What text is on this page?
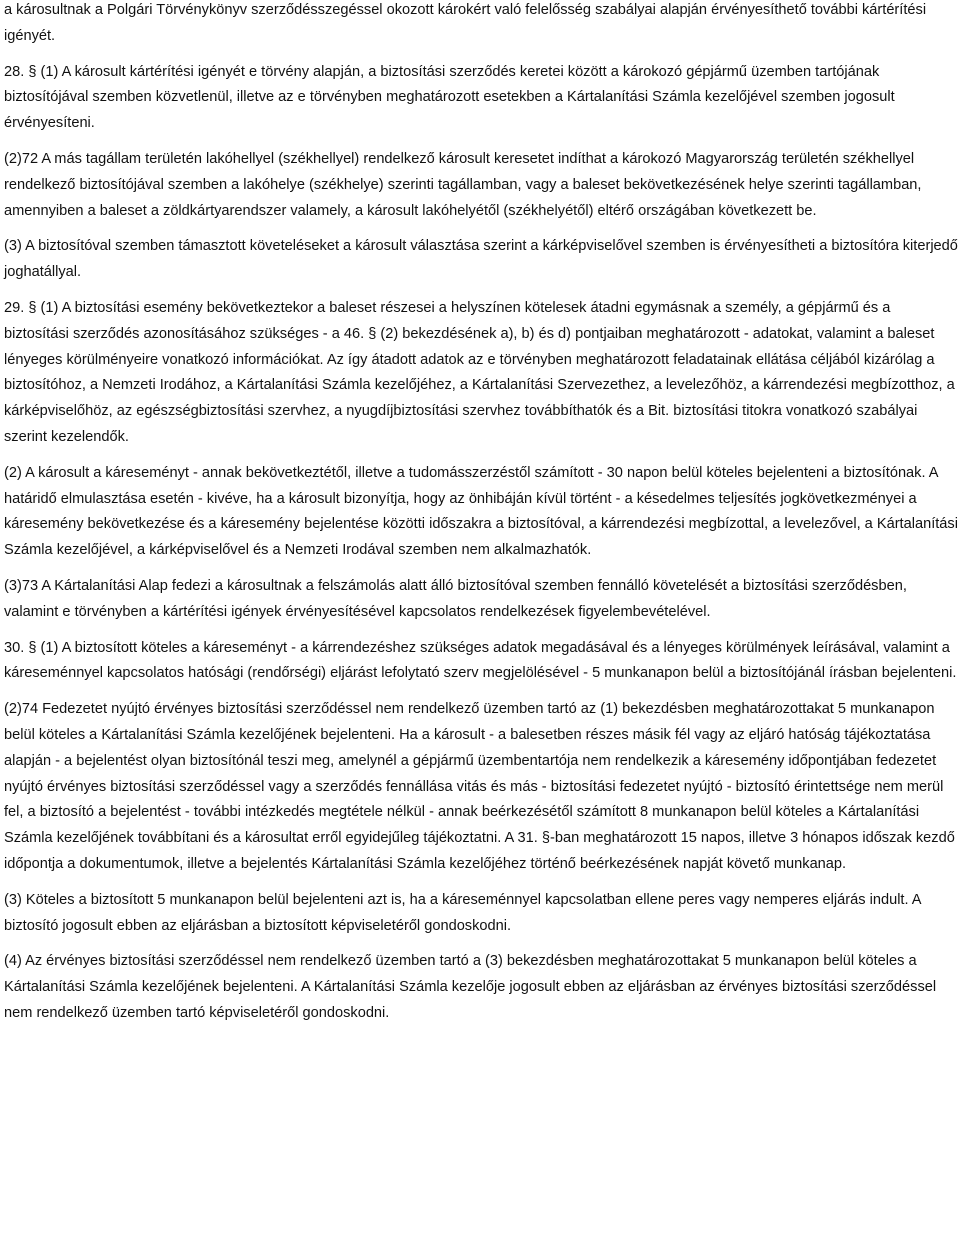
a károsultnak a Polgári Törvénykönyv szerződésszegéssel okozott károkért való felelősség szabályai alapján érvényesíthető további kártérítési igényét.

28. § (1) A károsult kártérítési igényét e törvény alapján, a biztosítási szerződés keretei között a károkozó gépjármű üzemben tartójának biztosítójával szemben közvetlenül, illetve az e törvényben meghatározott esetekben a Kártalanítási Számla kezelőjével szemben jogosult érvényesíteni.

(2)72 A más tagállam területén lakóhellyel (székhellyel) rendelkező károsult keresetet indíthat a károkozó Magyarország területén székhellyel rendelkező biztosítójával szemben a lakóhelye (székhelye) szerinti tagállamban, vagy a baleset bekövetkezésének helye szerinti tagállamban, amennyiben a baleset a zöldkártyarendszer valamely, a károsult lakóhelyétől (székhelyétől) eltérő országában következett be.

(3) A biztosítóval szemben támasztott követeléseket a károsult választása szerint a kárképviselővel szemben is érvényesítheti a biztosítóra kiterjedő joghatállyal.

29. § (1) A biztosítási esemény bekövetkeztekor a baleset részesei a helyszínen kötelesek átadni egymásnak a személy, a gépjármű és a biztosítási szerződés azonosításához szükséges - a 46. § (2) bekezdésének a), b) és d) pontjaiban meghatározott - adatokat, valamint a baleset lényeges körülményeire vonatkozó információkat. Az így átadott adatok az e törvényben meghatározott feladatainak ellátása céljából kizárólag a biztosítóhoz, a Nemzeti Irodához, a Kártalanítási Számla kezelőjéhez, a Kártalanítási Szervezethez, a levelezőhöz, a kárrendezési megbízotthoz, a kárképviselőhöz, az egészségbiztosítási szervhez, a nyugdíjbiztosítási szervhez továbbíthatók és a Bit. biztosítási titokra vonatkozó szabályai szerint kezelendők.

(2) A károsult a káreseményt - annak bekövetkeztétől, illetve a tudomásszerzéstől számított - 30 napon belül köteles bejelenteni a biztosítónak. A határidő elmulasztása esetén - kivéve, ha a károsult bizonyítja, hogy az önhibáján kívül történt - a késedelmes teljesítés jogkövetkezményei a káresemény bekövetkezése és a káresemény bejelentése közötti időszakra a biztosítóval, a kárrendezési megbízottal, a levelezővel, a Kártalanítási Számla kezelőjével, a kárképviselővel és a Nemzeti Irodával szemben nem alkalmazhatók.

(3)73 A Kártalanítási Alap fedezi a károsultnak a felszámolás alatt álló biztosítóval szemben fennálló követelését a biztosítási szerződésben, valamint e törvényben a kártérítési igények érvényesítésével kapcsolatos rendelkezések figyelembevételével.

30. § (1) A biztosított köteles a káreseményt - a kárrendezéshez szükséges adatok megadásával és a lényeges körülmények leírásával, valamint a káreseménnyel kapcsolatos hatósági (rendőrségi) eljárást lefolytató szerv megjelölésével - 5 munkanapon belül a biztosítójánál írásban bejelenteni.

(2)74 Fedezetet nyújtó érvényes biztosítási szerződéssel nem rendelkező üzemben tartó az (1) bekezdésben meghatározottakat 5 munkanapon belül köteles a Kártalanítási Számla kezelőjének bejelenteni. Ha a károsult - a balesetben részes másik fél vagy az eljáró hatóság tájékoztatása alapján - a bejelentést olyan biztosítónál teszi meg, amelynél a gépjármű üzembentartója nem rendelkezik a káresemény időpontjában fedezetet nyújtó érvényes biztosítási szerződéssel vagy a szerződés fennállása vitás és más - biztosítási fedezetet nyújtó - biztosító érintettsége nem merül fel, a biztosító a bejelentést - további intézkedés megtétele nélkül - annak beérkezésétől számított 8 munkanapon belül köteles a Kártalanítási Számla kezelőjének továbbítani és a károsultat erről egyidejűleg tájékoztatni. A 31. §-ban meghatározott 15 napos, illetve 3 hónapos időszak kezdő időpontja a dokumentumok, illetve a bejelentés Kártalanítási Számla kezelőjéhez történő beérkezésének napját követő munkanap.

(3) Köteles a biztosított 5 munkanapon belül bejelenteni azt is, ha a káreseménnyel kapcsolatban ellene peres vagy nemperes eljárás indult. A biztosító jogosult ebben az eljárásban a biztosított képviseletéről gondoskodni.

(4) Az érvényes biztosítási szerződéssel nem rendelkező üzemben tartó a (3) bekezdésben meghatározottakat 5 munkanapon belül köteles a Kártalanítási Számla kezelőjének bejelenteni. A Kártalanítási Számla kezelője jogosult ebben az eljárásban az érvényes biztosítási szerződéssel nem rendelkező üzemben tartó képviseletéről gondoskodni.
